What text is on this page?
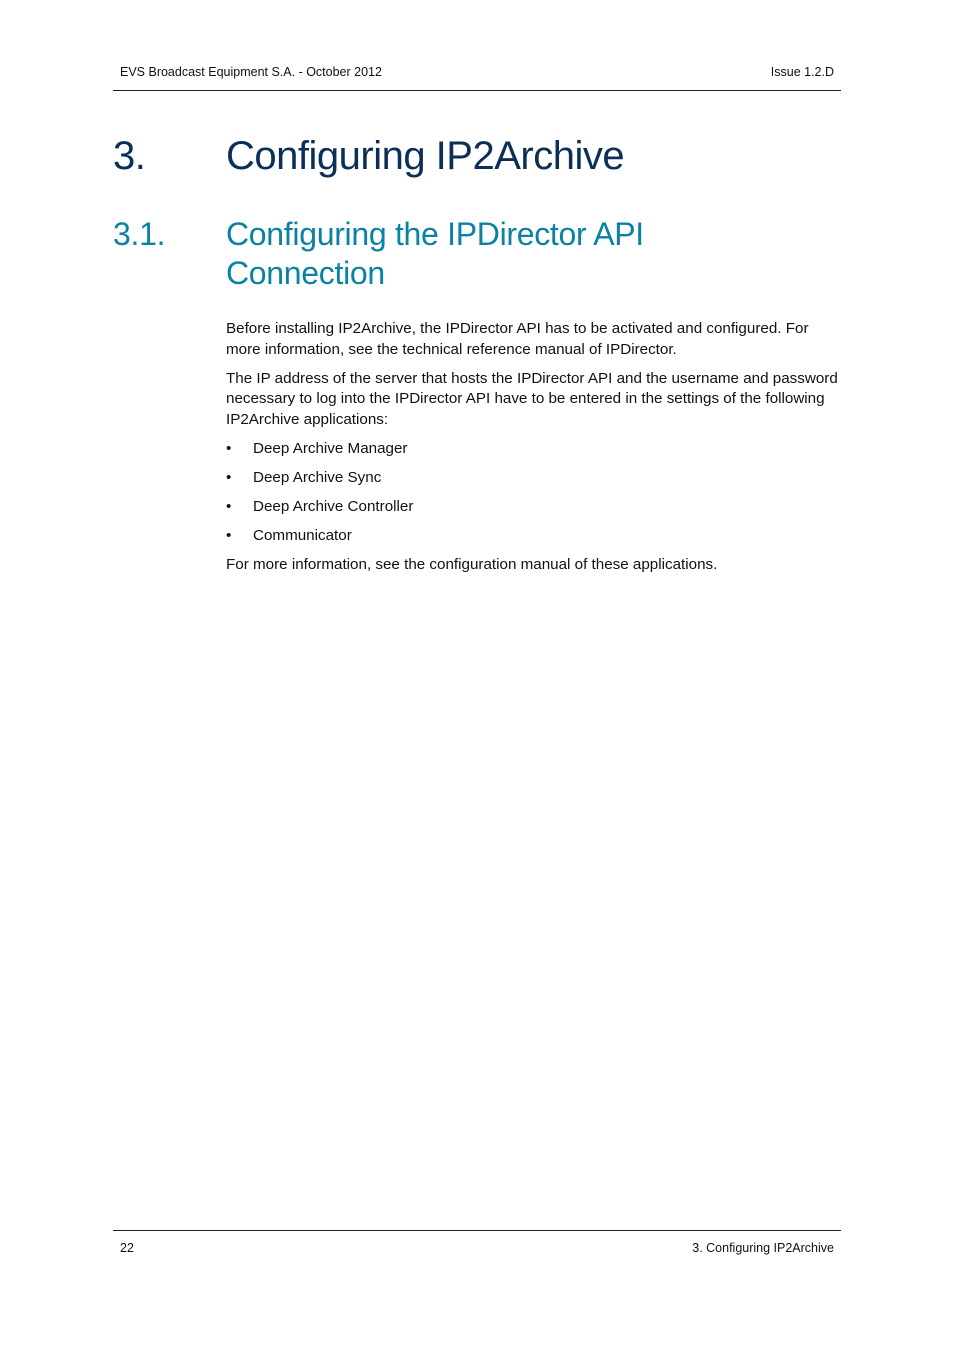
EVS Broadcast Equipment S.A. - October 2012	Issue 1.2.D
3. Configuring IP2Archive
3.1. Configuring the IPDirector API Connection

Before installing IP2Archive, the IPDirector API has to be activated and configured. For more information, see the technical reference manual of IPDirector.

The IP address of the server that hosts the IPDirector API and the username and password necessary to log into the IPDirector API have to be entered in the settings of the following IP2Archive applications:

• Deep Archive Manager
• Deep Archive Sync
• Deep Archive Controller
• Communicator

For more information, see the configuration manual of these applications.

22	3. Configuring IP2Archive
